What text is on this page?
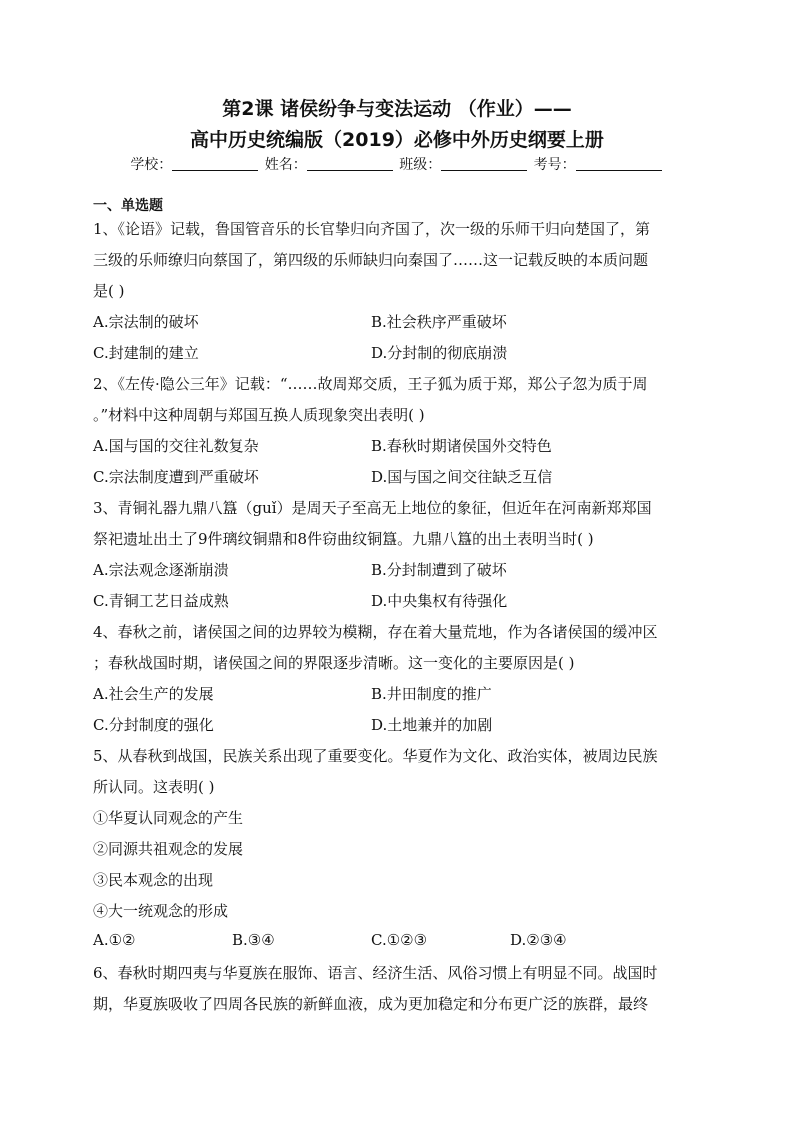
第2课 诸侯纷争与变法运动 （作业）——
高中历史统编版（2019）必修中外历史纲要上册
学校：	姓名：	班级：	考号：
一、单选题
1、《论语》记载，鲁国管音乐的长官挚归向齐国了，次一级的乐师干归向楚国了，第
三级的乐师缭归向蔡国了，第四级的乐师缺归向秦国了……这一记载反映的本质问题
是( )
A.宗法制的破坏	B.社会秩序严重破坏
C.封建制的建立	D.分封制的彻底崩溃
2、《左传·隐公三年》记载：“……故周郑交质，王子狐为质于郑，郑公子忽为质于周
。”材料中这种周朝与郑国互换人质现象突出表明( )
A.国与国的交往礼数复杂	B.春秋时期诸侯国外交特色
C.宗法制度遭到严重破坏	D.国与国之间交往缺乏互信
3、青铜礼器九鼎八簋（guǐ）是周天子至高无上地位的象征，但近年在河南新郑郑国
祭祀遗址出土了9件璃纹铜鼎和8件窃曲纹铜簋。九鼎八簋的出土表明当时( )
A.宗法观念逐渐崩溃	B.分封制遭到了破坏
C.青铜工艺日益成熟	D.中央集权有待强化
4、春秋之前，诸侯国之间的边界较为模糊，存在着大量荒地，作为各诸侯国的缓冲区
；春秋战国时期，诸侯国之间的界限逐步清晰。这一变化的主要原因是( )
A.社会生产的发展	B.井田制度的推广
C.分封制度的强化	D.土地兼并的加剧
5、从春秋到战国，民族关系出现了重要变化。华夏作为文化、政治实体，被周边民族
所认同。这表明( )
①华夏认同观念的产生
②同源共祖观念的发展
③民本观念的出现
④大一统观念的形成
A.①②	B.③④	C.①②③	D.②③④
6、春秋时期四夷与华夏族在服饰、语言、经济生活、风俗习惯上有明显不同。战国时
期，华夏族吸收了四周各民族的新鲜血液，成为更加稳定和分布更广泛的族群，最终
